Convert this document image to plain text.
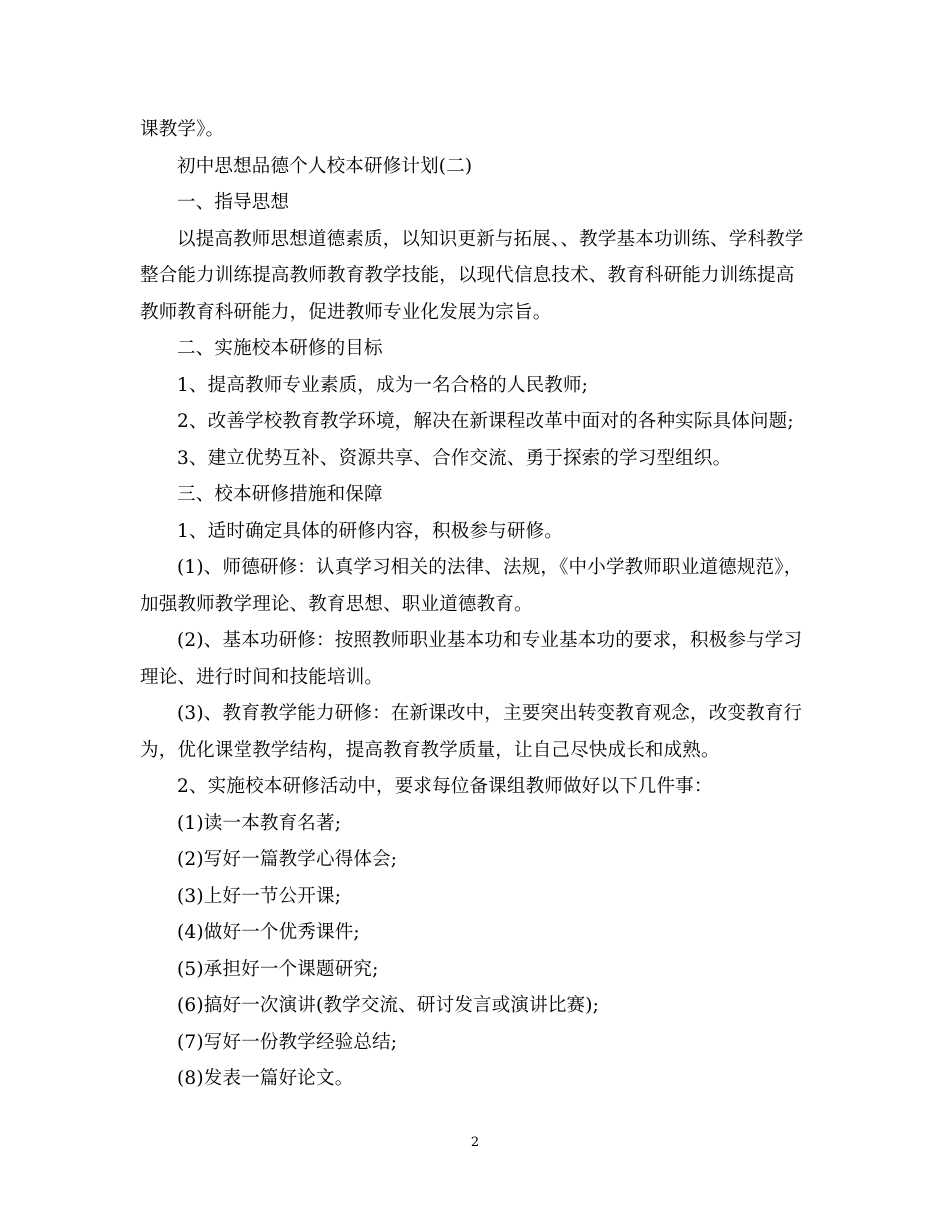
课教学》。

初中思想品德个人校本研修计划(二)

一、指导思想

以提高教师思想道德素质，以知识更新与拓展、、教学基本功训练、学科教学整合能力训练提高教师教育教学技能，以现代信息技术、教育科研能力训练提高教师教育科研能力，促进教师专业化发展为宗旨。

二、实施校本研修的目标

1、提高教师专业素质，成为一名合格的人民教师;

2、改善学校教育教学环境，解决在新课程改革中面对的各种实际具体问题;

3、建立优势互补、资源共享、合作交流、勇于探索的学习型组织。

三、校本研修措施和保障

1、适时确定具体的研修内容，积极参与研修。

(1)、师德研修：认真学习相关的法律、法规，《中小学教师职业道德规范》，加强教师教学理论、教育思想、职业道德教育。

(2)、基本功研修：按照教师职业基本功和专业基本功的要求，积极参与学习理论、进行时间和技能培训。

(3)、教育教学能力研修：在新课改中，主要突出转变教育观念，改变教育行为，优化课堂教学结构，提高教育教学质量，让自己尽快成长和成熟。

2、实施校本研修活动中，要求每位备课组教师做好以下几件事：

(1)读一本教育名著;

(2)写好一篇教学心得体会;

(3)上好一节公开课;

(4)做好一个优秀课件;

(5)承担好一个课题研究;

(6)搞好一次演讲(教学交流、研讨发言或演讲比赛);

(7)写好一份教学经验总结;

(8)发表一篇好论文。

2
